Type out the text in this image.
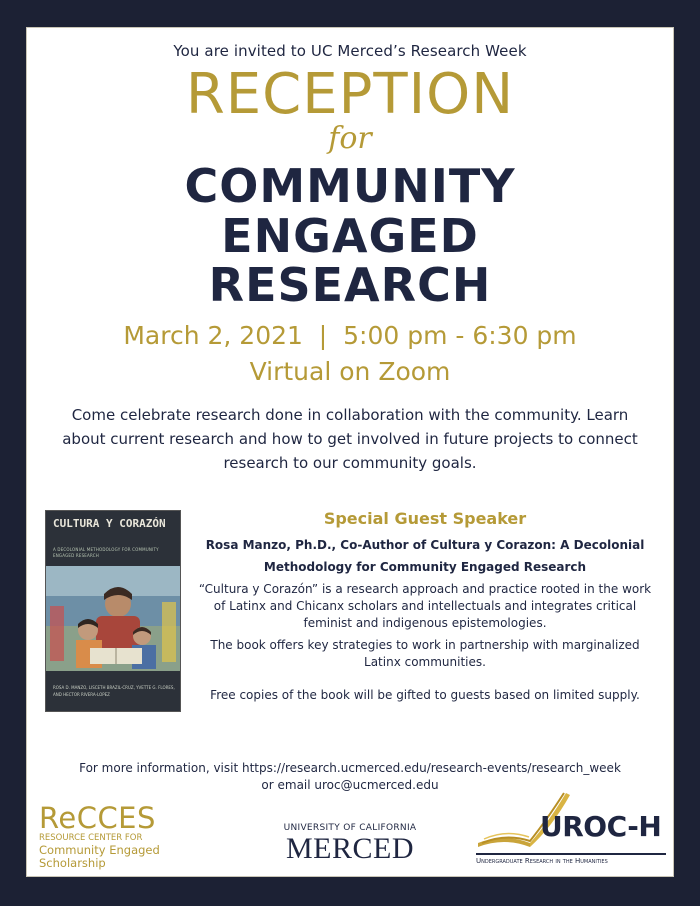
You are invited to UC Merced’s Research Week
RECEPTION
for
COMMUNITY
ENGAGED
RESEARCH
March 2, 2021  |  5:00 pm - 6:30 pm
Virtual on Zoom
Come celebrate research done in collaboration with the community. Learn about current research and how to get involved in future projects to connect research to our community goals.
CULTURA Y CORAZÓN
A DECOLONIAL METHODOLOGY FOR COMMUNITY ENGAGED RESEARCH
ROSA D. MANZO, LISCETH BRAZIL-CRUZ, YVETTE G. FLORES, AND HECTOR RIVERA-LOPEZ
Special Guest Speaker
Rosa Manzo, Ph.D., Co-Author of Cultura y Corazon: A Decolonial Methodology for Community Engaged Research
“Cultura y Corazón” is a research approach and practice rooted in the work of Latinx and Chicanx scholars and intellectuals and integrates critical feminist and indigenous epistemologies.
The book offers key strategies to work in partnership with marginalized Latinx communities.
Free copies of the book will be gifted to guests based on limited supply.
For more information, visit https://research.ucmerced.edu/research-events/research_week
or email uroc@ucmerced.edu
ReCCES
RESOURCE CENTER FOR
Community Engaged Scholarship
UNIVERSITY OF CALIFORNIA
MERCED
UROC-H
Undergraduate Research in the Humanities
